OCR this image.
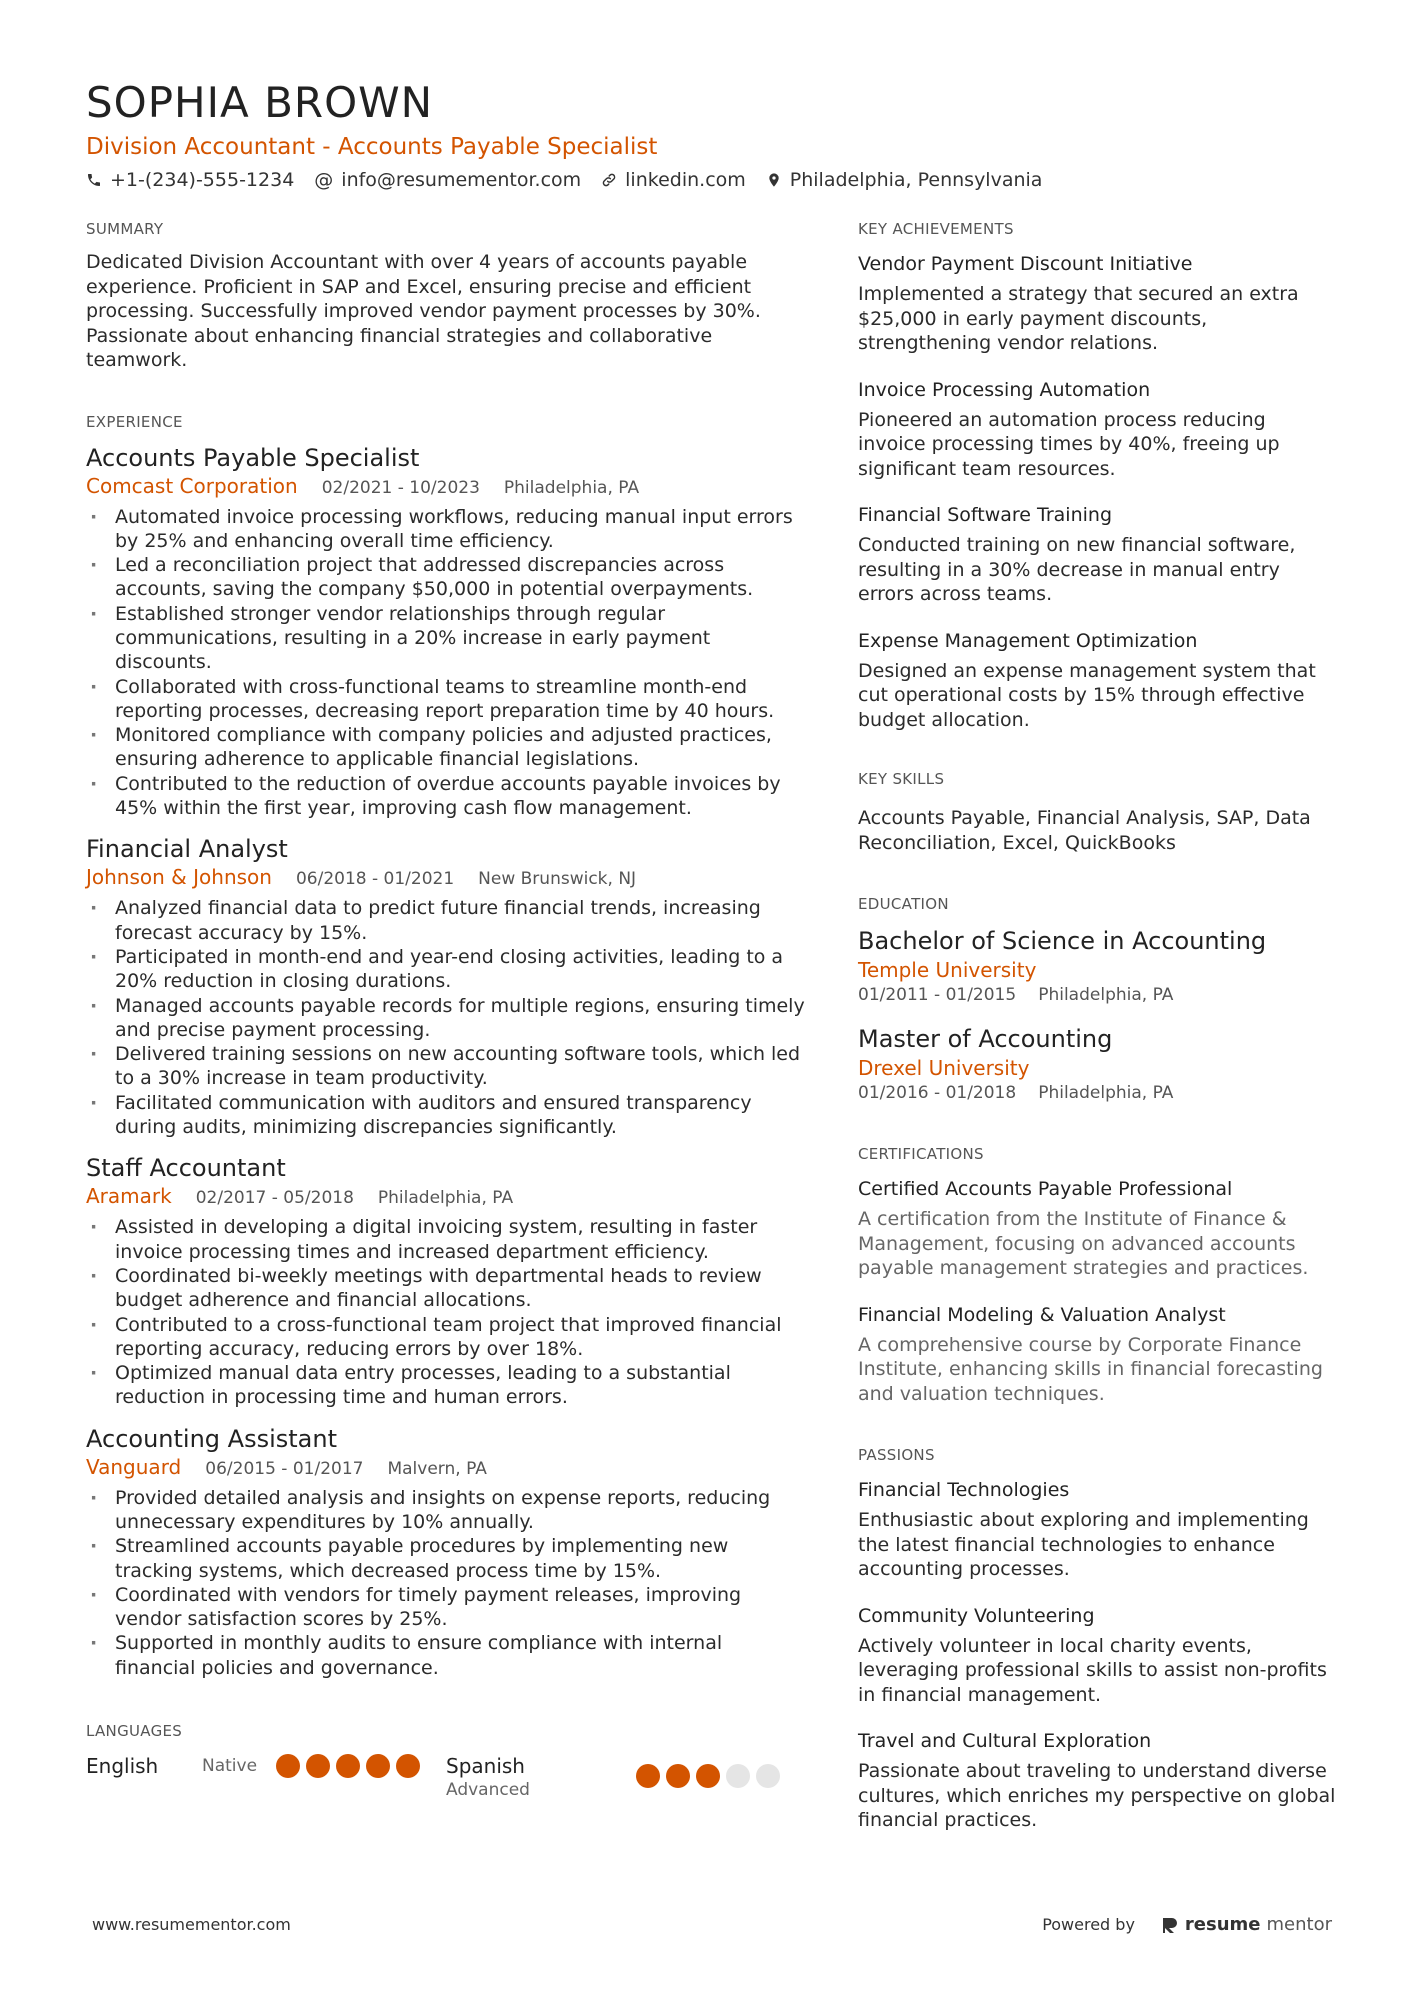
SOPHIA BROWN
Division Accountant - Accounts Payable Specialist
+1-(234)-555-1234 @ info@resumementor.com linkedin.com Philadelphia, Pennsylvania
SUMMARY
Dedicated Division Accountant with over 4 years of accounts payable experience. Proficient in SAP and Excel, ensuring precise and efficient processing. Successfully improved vendor payment processes by 30%. Passionate about enhancing financial strategies and collaborative teamwork.
EXPERIENCE
Accounts Payable Specialist
Comcast Corporation 02/2021 - 10/2023 Philadelphia, PA
· Automated invoice processing workflows, reducing manual input errors by 25% and enhancing overall time efficiency.
· Led a reconciliation project that addressed discrepancies across accounts, saving the company $50,000 in potential overpayments.
· Established stronger vendor relationships through regular communications, resulting in a 20% increase in early payment discounts.
· Collaborated with cross-functional teams to streamline month-end reporting processes, decreasing report preparation time by 40 hours.
· Monitored compliance with company policies and adjusted practices, ensuring adherence to applicable financial legislations.
· Contributed to the reduction of overdue accounts payable invoices by 45% within the first year, improving cash flow management.
Financial Analyst
Johnson & Johnson 06/2018 - 01/2021 New Brunswick, NJ
· Analyzed financial data to predict future financial trends, increasing forecast accuracy by 15%.
· Participated in month-end and year-end closing activities, leading to a 20% reduction in closing durations.
· Managed accounts payable records for multiple regions, ensuring timely and precise payment processing.
· Delivered training sessions on new accounting software tools, which led to a 30% increase in team productivity.
· Facilitated communication with auditors and ensured transparency during audits, minimizing discrepancies significantly.
Staff Accountant
Aramark 02/2017 - 05/2018 Philadelphia, PA
· Assisted in developing a digital invoicing system, resulting in faster invoice processing times and increased department efficiency.
· Coordinated bi-weekly meetings with departmental heads to review budget adherence and financial allocations.
· Contributed to a cross-functional team project that improved financial reporting accuracy, reducing errors by over 18%.
· Optimized manual data entry processes, leading to a substantial reduction in processing time and human errors.
Accounting Assistant
Vanguard 06/2015 - 01/2017 Malvern, PA
· Provided detailed analysis and insights on expense reports, reducing unnecessary expenditures by 10% annually.
· Streamlined accounts payable procedures by implementing new tracking systems, which decreased process time by 15%.
· Coordinated with vendors for timely payment releases, improving vendor satisfaction scores by 25%.
· Supported in monthly audits to ensure compliance with internal financial policies and governance.
LANGUAGES
English	Native	Spanish
Advanced
KEY ACHIEVEMENTS
Vendor Payment Discount Initiative
Implemented a strategy that secured an extra $25,000 in early payment discounts, strengthening vendor relations.
Invoice Processing Automation
Pioneered an automation process reducing invoice processing times by 40%, freeing up significant team resources.
Financial Software Training
Conducted training on new financial software, resulting in a 30% decrease in manual entry errors across teams.
Expense Management Optimization
Designed an expense management system that cut operational costs by 15% through effective budget allocation.
KEY SKILLS
Accounts Payable, Financial Analysis, SAP, Data Reconciliation, Excel, QuickBooks
EDUCATION
Bachelor of Science in Accounting
Temple University
01/2011 - 01/2015 Philadelphia, PA
Master of Accounting
Drexel University
01/2016 - 01/2018 Philadelphia, PA
CERTIFICATIONS
Certified Accounts Payable Professional
A certification from the Institute of Finance & Management, focusing on advanced accounts payable management strategies and practices.
Financial Modeling & Valuation Analyst
A comprehensive course by Corporate Finance Institute, enhancing skills in financial forecasting and valuation techniques.
PASSIONS
Financial Technologies
Enthusiastic about exploring and implementing the latest financial technologies to enhance accounting processes.
Community Volunteering
Actively volunteer in local charity events, leveraging professional skills to assist non-profits in financial management.
Travel and Cultural Exploration
Passionate about traveling to understand diverse cultures, which enriches my perspective on global financial practices.
www.resumementor.com	Powered by	resume mentor
